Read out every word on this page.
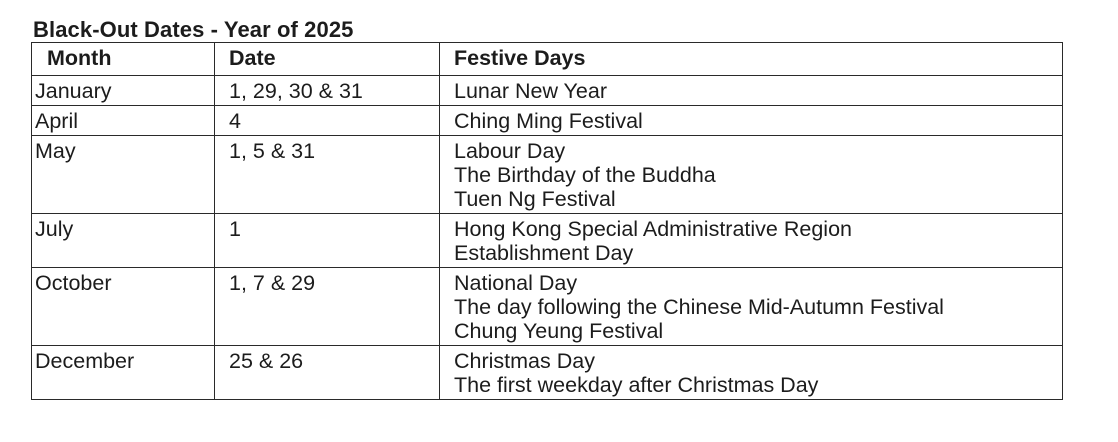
Black-Out Dates - Year of 2025
Month	Date	Festive Days
January	1, 29, 30 & 31	Lunar New Year

April	4	Ching Ming Festival

May	1, 5 & 31	Labour Day
The Birthday of the Buddha
Tuen Ng Festival

July	1	Hong Kong Special Administrative Region
Establishment Day

October	1, 7 & 29	National Day
The day following the Chinese Mid-Autumn Festival
Chung Yeung Festival

December	25 & 26	Christmas Day
The first weekday after Christmas Day
